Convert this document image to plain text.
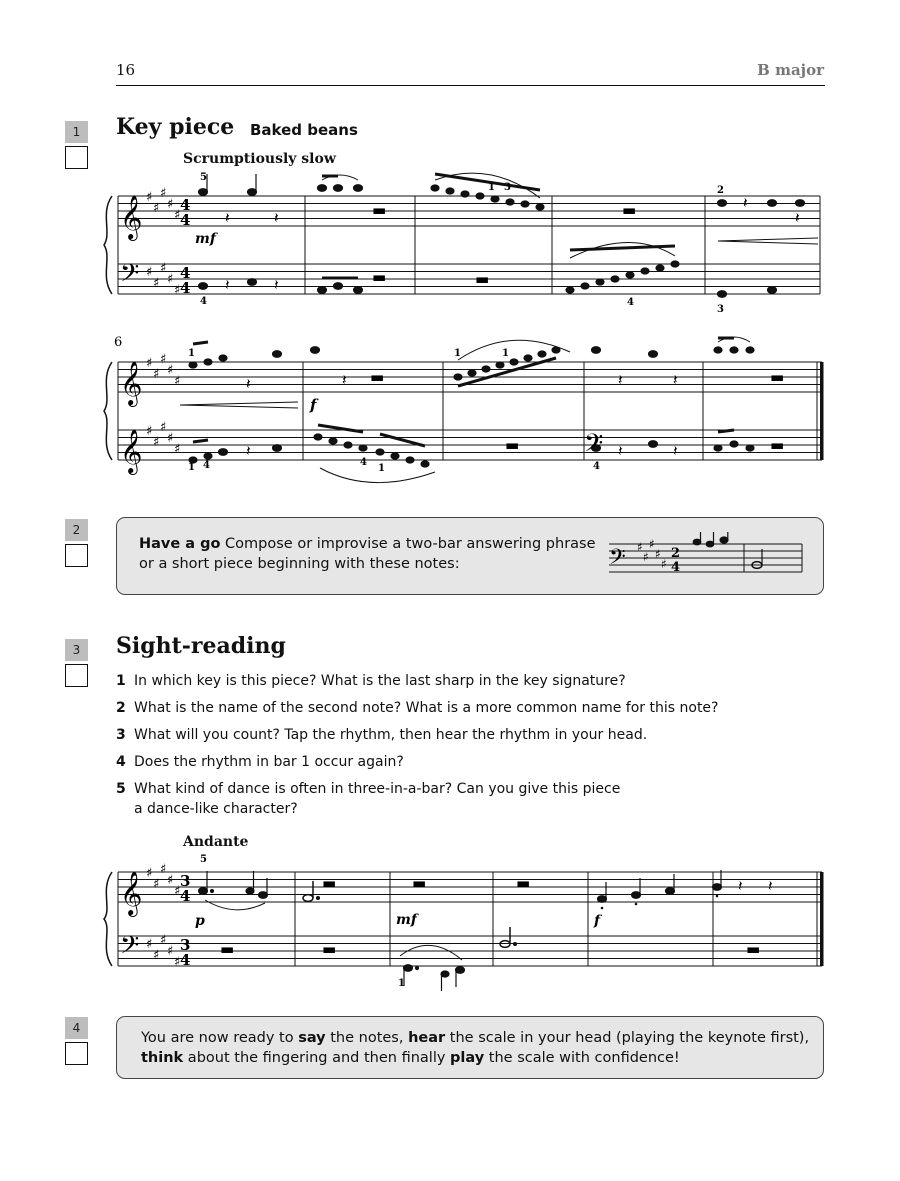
16	B major
1
2
3
4
Key piece Baked beans
Scrumptiously slow
𝄞
𝄢
♯
♯
♯
♯
♯
♯
♯
♯
♯
♯
4
4
4
4
𝄽	𝄽	▬
▬
▬	𝄽
𝄽
𝄽	𝄽	▬
mf
5
1 3	2
4	4
3
6
𝄞
𝄞
♯
♯
♯
♯
♯
♯
♯
♯
♯
♯
𝄽	𝄽 ▬	𝄽	𝄽	▬
𝄽	▬ 𝄢 𝄽	𝄽	▬
f
1	1	1
1 4	4
1	4
Have a go Compose or improvise a two-bar answering phrase
or a short piece beginning with these notes:	𝄢 ♯
♯
♯
♯
♯
2
4
Sight-reading
1 In which key is this piece? What is the last sharp in the key signature?
2 What is the name of the second note? What is a more common name for this note?
3 What will you count? Tap the rhythm, then hear the rhythm in your head.
4 Does the rhythm in bar 1 occur again?
5 What kind of dance is often in three-in-a-bar? Can you give this piece
a dance-like character?
Andante
𝄞
𝄢
♯
♯
♯
♯
♯
♯
♯
♯
♯
♯
3
4
3
4
▬	▬	▬	𝄽 𝄽
▬	▬	▬
p	mf	f
5
1
You are now ready to say the notes, hear the scale in your head (playing the keynote first),
think about the fingering and then finally play the scale with confidence!
